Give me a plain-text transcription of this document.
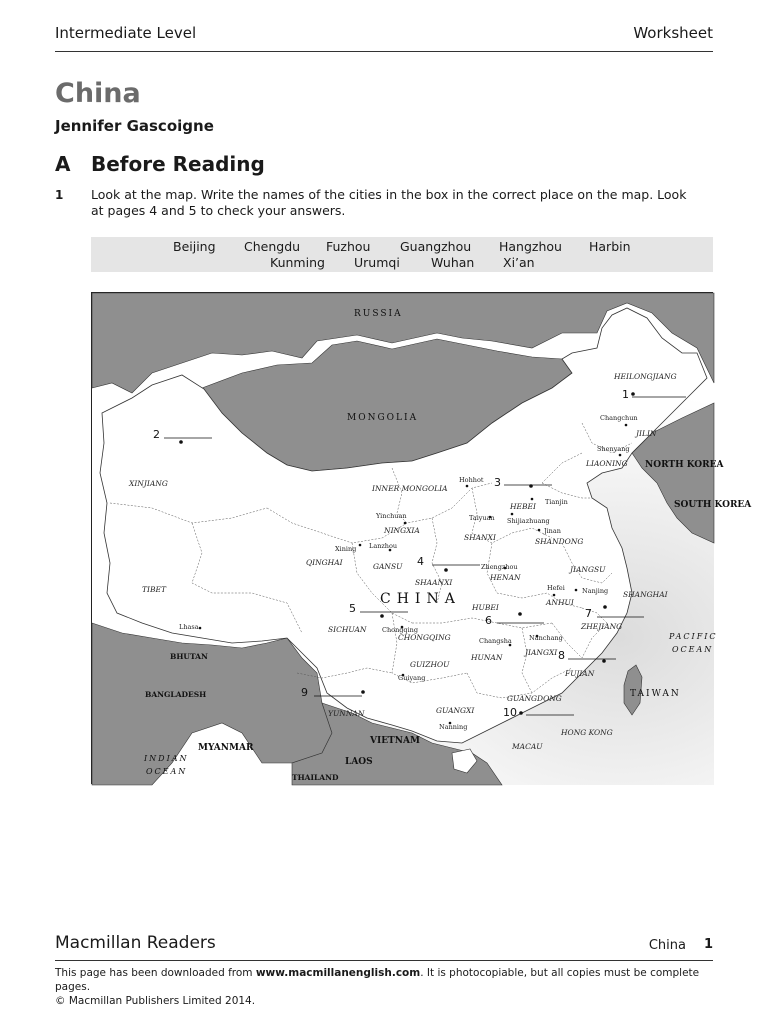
Intermediate Level	Worksheet
China
Jennifer Gascoigne
A Before Reading
1 Look at the map. Write the names of the cities in the box in the correct place on the map. Look at pages 4 and 5 to check your answers.
Beijing Chengdu Fuzhou Guangzhou Hangzhou Harbin
Kunming Urumqi Wuhan Xi’an
RUSSIA
MONGOLIA
NORTH KOREA
SOUTH KOREA
TAIWAN
VIETNAM
LAOS
MYANMAR
THAILAND
BANGLADESH
BHUTAN
CHINA
PACIFIC
OCEAN
INDIAN
OCEAN
HEILONGJIANG
JILIN
LIAONING
XINJIANG
INNER MONGOLIA
HEBEI
NINGXIA
SHANXI	SHANDONG
QINGHAI	GANSU
SHAANXI
HENAN
JIANGSU
TIBET
ANHUI
HUBEI
SHANGHAI
ZHEJIANG
SICHUAN
CHONGQING
HUNAN
JIANGXI
FUJIAN
GUIZHOU
YUNNAN	GUANGXI
GUANGDONG
HONG KONG
MACAU
Changchun
Shenyang
Hohhot
Tianjin
Yinchuan	Taiyuan Shijiazhuang
Jinan
Xining Lanzhou
Zhengzhou
Nanjing
Hefei
Lhasa	Chongqing
Changsha	Nanchang
Guiyang
Nanning
1
2
3
4
5
6
7
8
9
10
Macmillan Readers	China 1
This page has been downloaded from www.macmillanenglish.com. It is photocopiable, but all copies must be complete pages.
© Macmillan Publishers Limited 2014.
